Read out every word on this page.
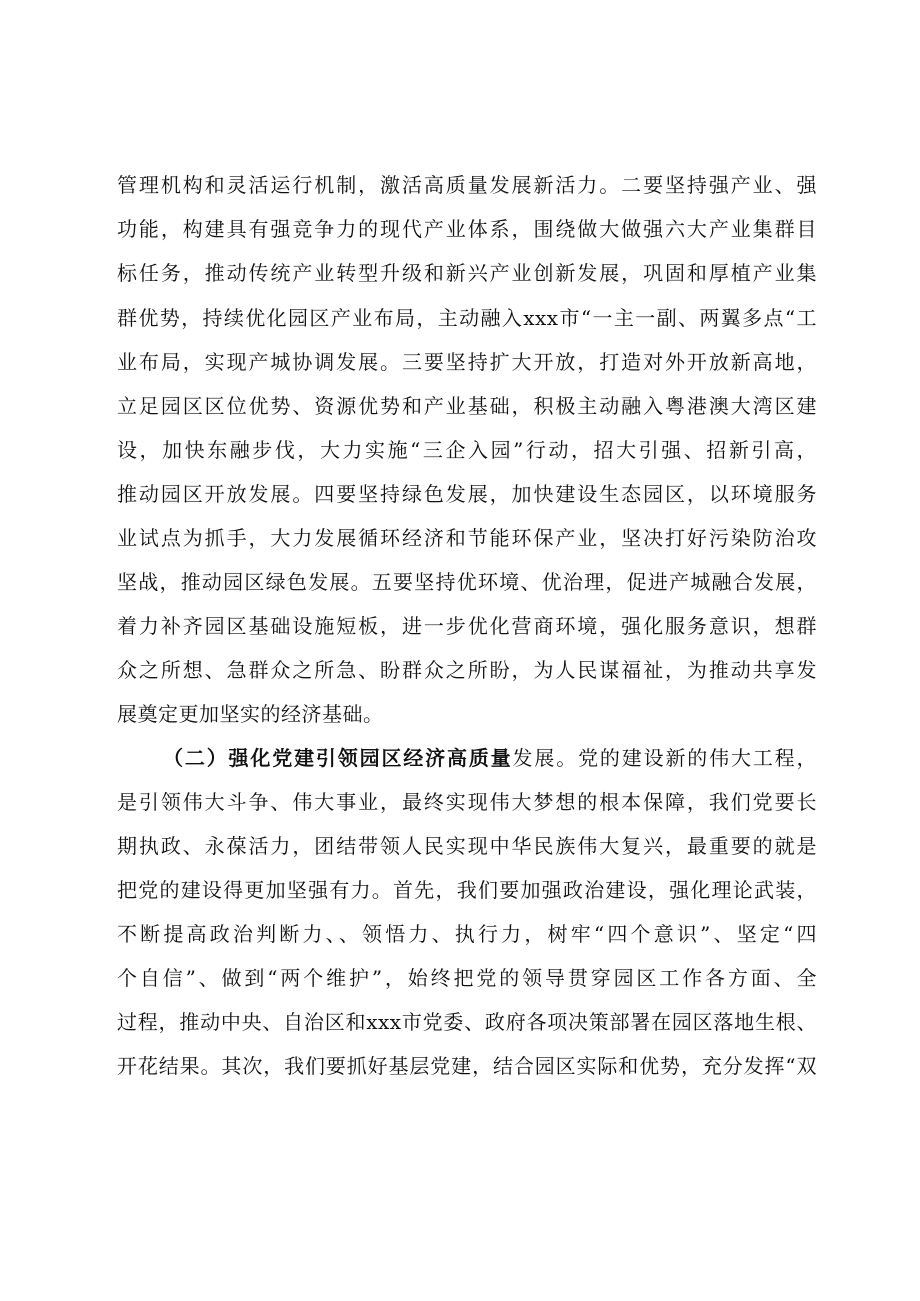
管理机构和灵活运行机制，激活高质量发展新活力。二要坚持强产业、强
功能，构建具有强竞争力的现代产业体系，围绕做大做强六大产业集群目
标任务，推动传统产业转型升级和新兴产业创新发展，巩固和厚植产业集
群优势，持续优化园区产业布局，主动融入xxx市“一主一副、两翼多点“工
业布局，实现产城协调发展。三要坚持扩大开放，打造对外开放新高地，
立足园区区位优势、资源优势和产业基础，积极主动融入粤港澳大湾区建
设，加快东融步伐，大力实施“三企入园”行动，招大引强、招新引高，
推动园区开放发展。四要坚持绿色发展，加快建设生态园区，以环境服务
业试点为抓手，大力发展循环经济和节能环保产业，坚决打好污染防治攻
坚战，推动园区绿色发展。五要坚持优环境、优治理，促进产城融合发展，
着力补齐园区基础设施短板，进一步优化营商环境，强化服务意识，想群
众之所想、急群众之所急、盼群众之所盼，为人民谋福祉，为推动共享发
展奠定更加坚实的经济基础。
（二）强化党建引领园区经济高质量发展。党的建设新的伟大工程，
是引领伟大斗争、伟大事业，最终实现伟大梦想的根本保障，我们党要长
期执政、永葆活力，团结带领人民实现中华民族伟大复兴，最重要的就是
把党的建设得更加坚强有力。首先，我们要加强政治建设，强化理论武装，
不断提高政治判断力、、领悟力、执行力，树牢“四个意识”、坚定“四
个自信”、做到“两个维护”，始终把党的领导贯穿园区工作各方面、全
过程，推动中央、自治区和xxx市党委、政府各项决策部署在园区落地生根、
开花结果。其次，我们要抓好基层党建，结合园区实际和优势，充分发挥“双
